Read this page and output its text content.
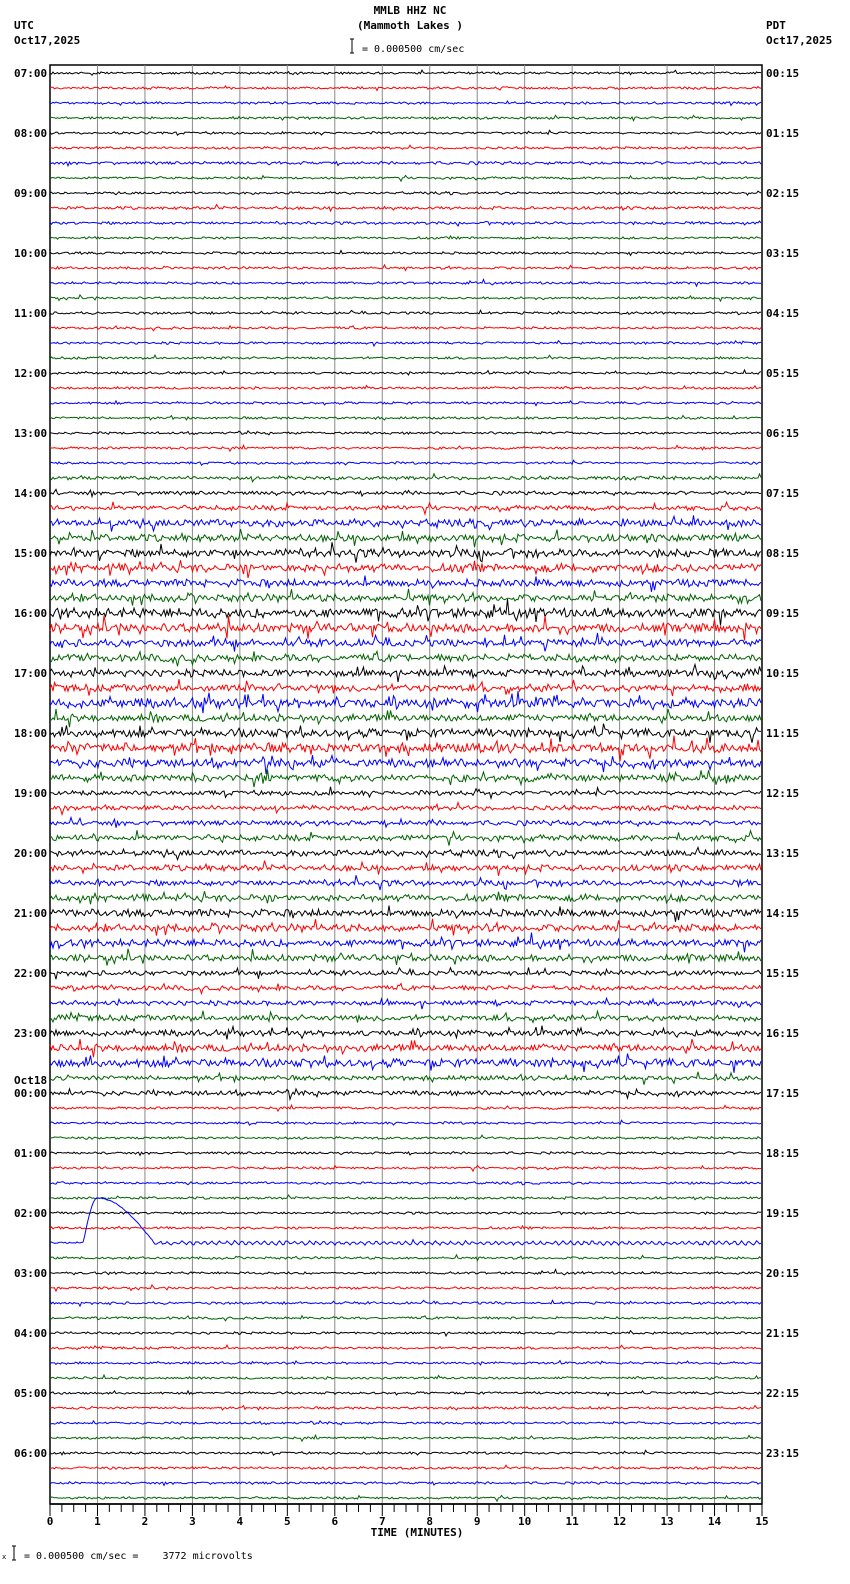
MMLB HHZ NC
(Mammoth Lakes )
UTC
Oct17,2025
PDT
Oct17,2025
= 0.000500 cm/sec
07:00
08:00
09:00
10:00
11:00
12:00
13:00
14:00
15:00
16:00
17:00
18:00
19:00
20:00
21:00
22:00
23:00
00:00
Oct18
01:00
02:00
03:00
04:00
05:00
06:00
00:15
01:15
02:15
03:15
04:15
05:15
06:15
07:15
08:15
09:15
10:15
11:15
12:15
13:15
14:15
15:15
16:15
17:15
18:15
19:15
20:15
21:15
22:15
23:15
0	1	2	3	4	5	6	7	8	9	10	11	12	13	14	15
TIME (MINUTES)
x = 0.000500 cm/sec =    3772 microvolts
